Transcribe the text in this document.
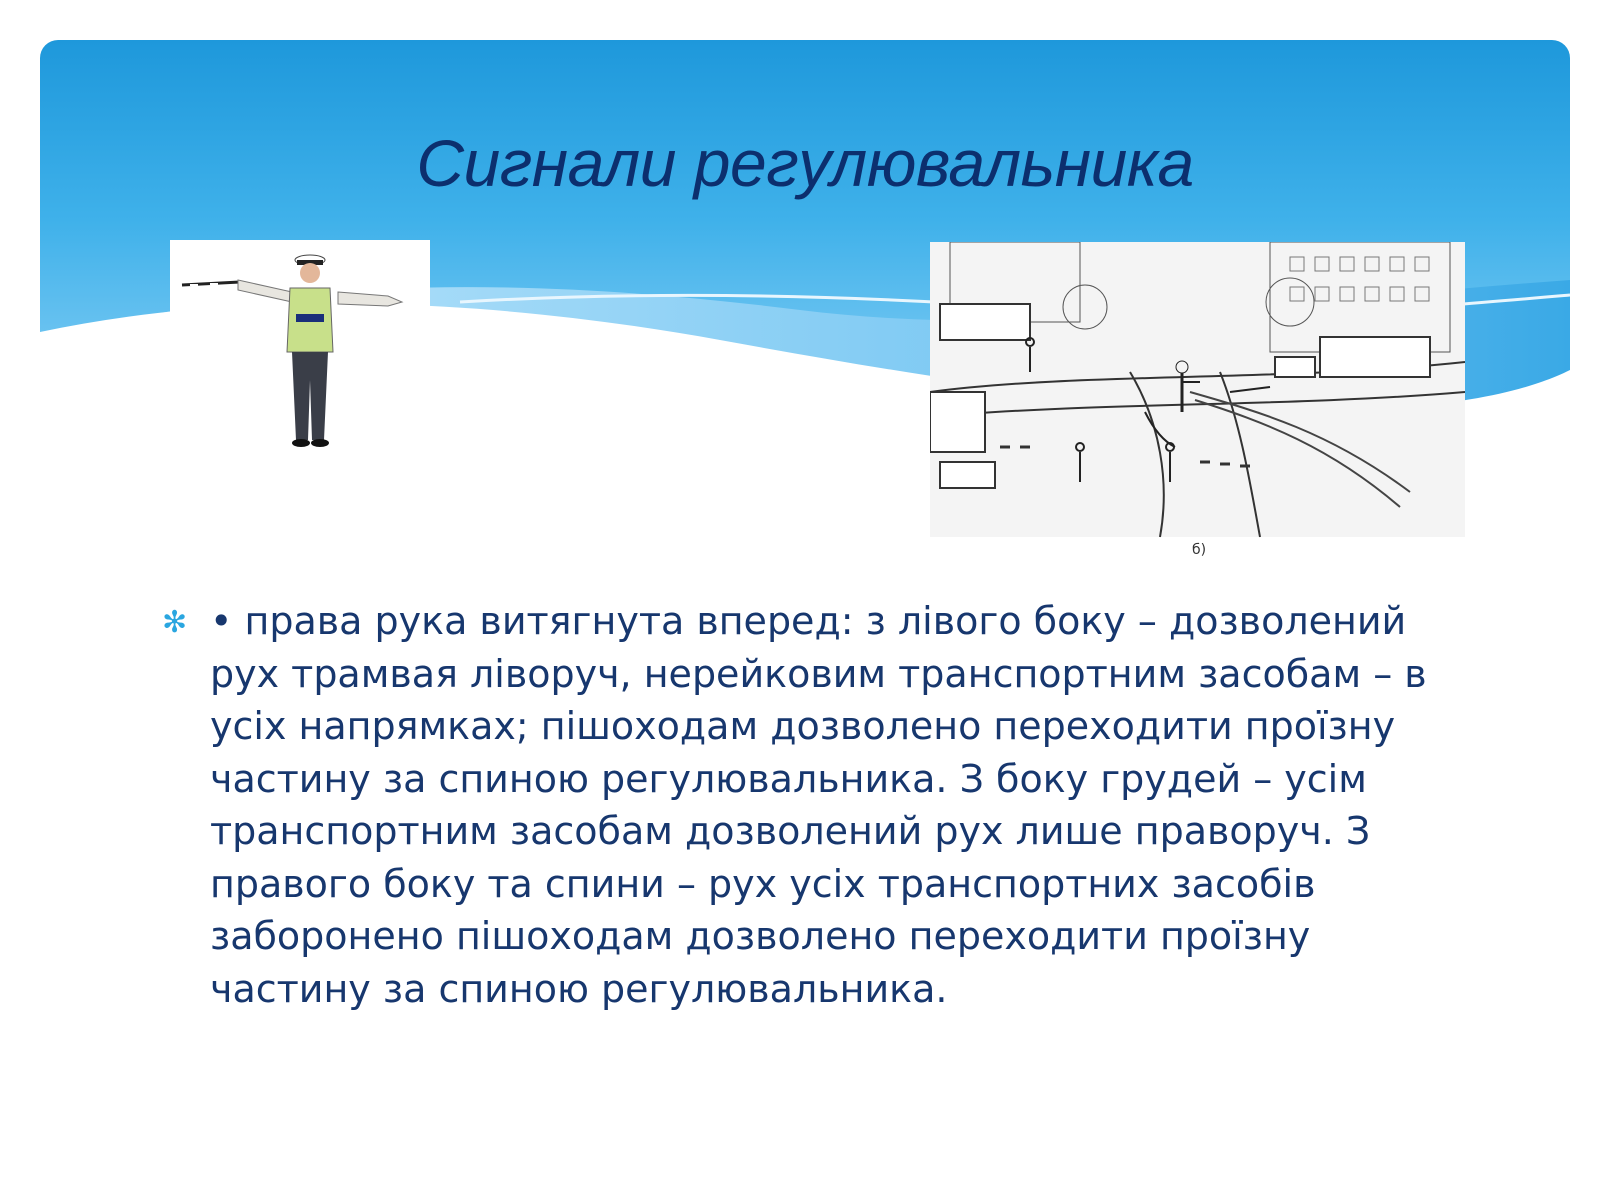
Сигнали регулювальника
б)
✻ • права рука витягнута вперед: з лівого боку – дозволений рух трамвая ліворуч, нерейковим транспортним засобам – в усіх напрямках; пішоходам дозволено переходити проїзну частину за спиною регулювальника. З боку грудей – усім транспортним засобам дозволений рух лише праворуч. З правого боку та спини – рух усіх транспортних засобів заборонено пішоходам дозволено переходити проїзну частину за спиною регулювальника.
